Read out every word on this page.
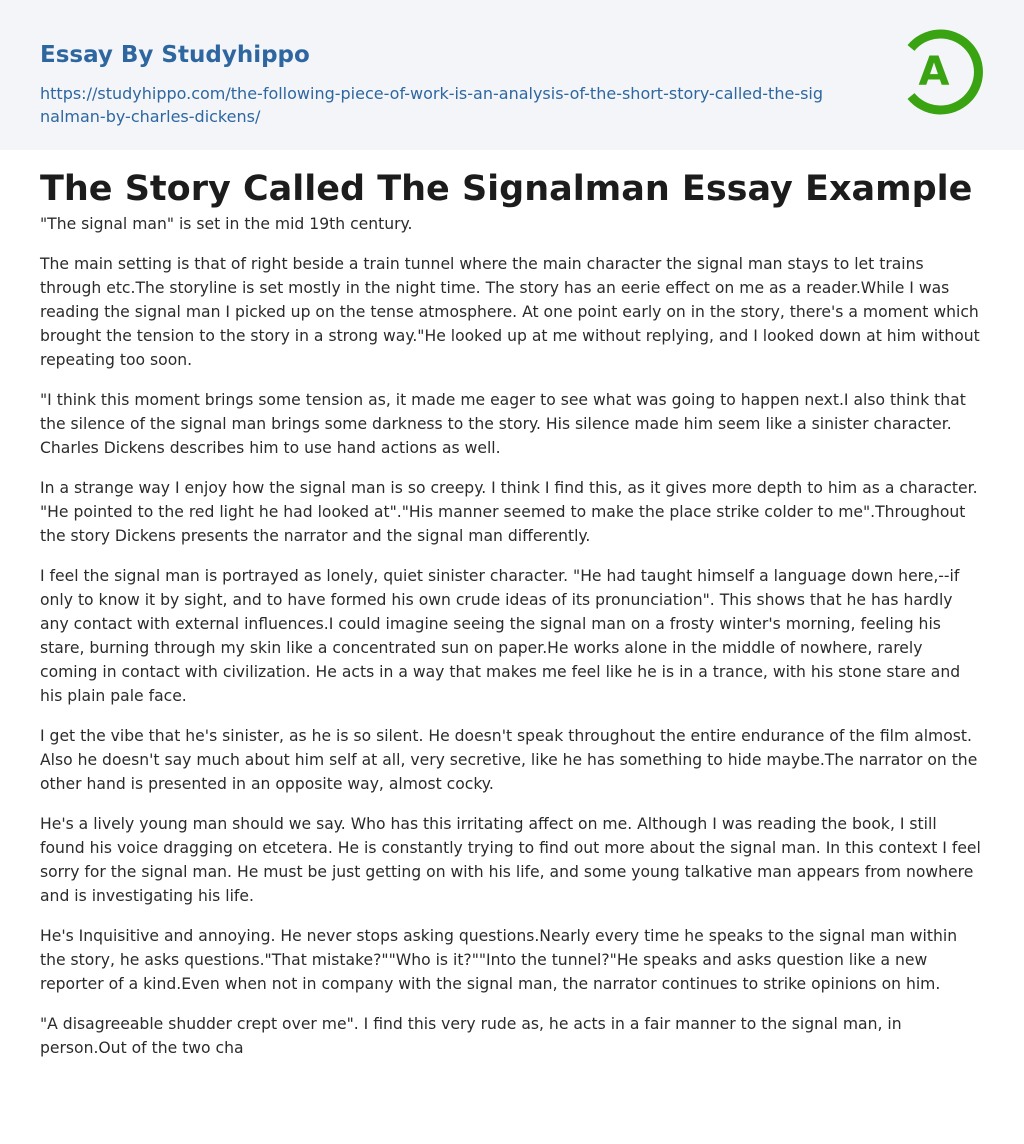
Essay By Studyhippo
https://studyhippo.com/the-following-piece-of-work-is-an-analysis-of-the-short-story-called-the-signalman-by-charles-dickens/
A
The Story Called The Signalman Essay Example

"The signal man" is set in the mid 19th century.

The main setting is that of right beside a train tunnel where the main character the signal man stays to let trains through etc.The storyline is set mostly in the night time. The story has an eerie effect on me as a reader.While I was reading the signal man I picked up on the tense atmosphere. At one point early on in the story, there's a moment which brought the tension to the story in a strong way."He looked up at me without replying, and I looked down at him without repeating too soon.

"I think this moment brings some tension as, it made me eager to see what was going to happen next.I also think that the silence of the signal man brings some darkness to the story. His silence made him seem like a sinister character. Charles Dickens describes him to use hand actions as well.

In a strange way I enjoy how the signal man is so creepy. I think I find this, as it gives more depth to him as a character. "He pointed to the red light he had looked at"."His manner seemed to make the place strike colder to me".Throughout the story Dickens presents the narrator and the signal man differently.

I feel the signal man is portrayed as lonely, quiet sinister character. "He had taught himself a language down here,--if only to know it by sight, and to have formed his own crude ideas of its pronunciation". This shows that he has hardly any contact with external influences.I could imagine seeing the signal man on a frosty winter's morning, feeling his stare, burning through my skin like a concentrated sun on paper.He works alone in the middle of nowhere, rarely coming in contact with civilization. He acts in a way that makes me feel like he is in a trance, with his stone stare and his plain pale face.

I get the vibe that he's sinister, as he is so silent. He doesn't speak throughout the entire endurance of the film almost. Also he doesn't say much about him self at all, very secretive, like he has something to hide maybe.The narrator on the other hand is presented in an opposite way, almost cocky.

He's a lively young man should we say. Who has this irritating affect on me. Although I was reading the book, I still found his voice dragging on etcetera. He is constantly trying to find out more about the signal man. In this context I feel sorry for the signal man. He must be just getting on with his life, and some young talkative man appears from nowhere and is investigating his life.

He's Inquisitive and annoying. He never stops asking questions.Nearly every time he speaks to the signal man within the story, he asks questions."That mistake?""Who is it?""Into the tunnel?"He speaks and asks question like a new reporter of a kind.Even when not in company with the signal man, the narrator continues to strike opinions on him.

"A disagreeable shudder crept over me". I find this very rude as, he acts in a fair manner to the signal man, in person.Out of the two cha
